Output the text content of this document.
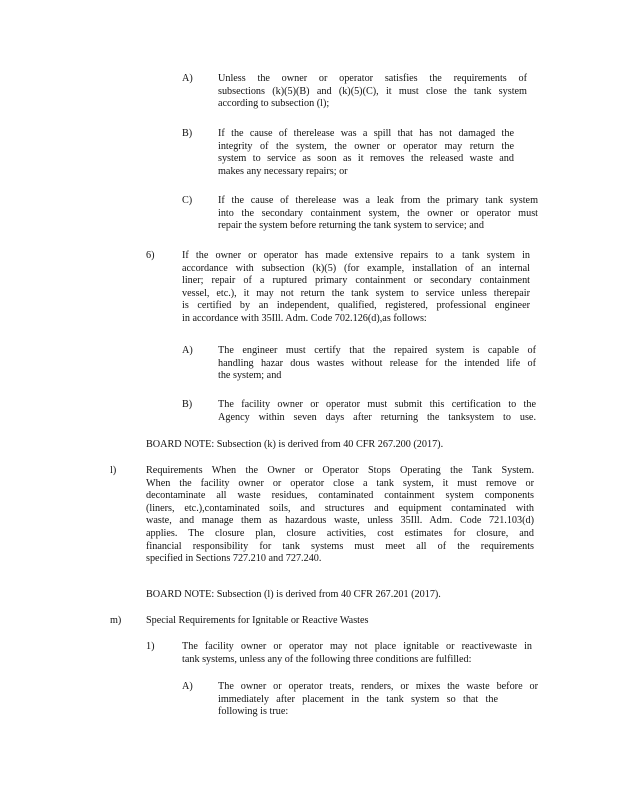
A) Unless the owner or operator satisfies the requirements of
subsections (k)(5)(B) and (k)(5)(C), it must close the tank system
according to subsection (l);
B)	If the cause of therelease was a spill that has not damaged the
integrity of the system, the owner or operator may return the
system to service as soon as it removes the released waste and
makes any necessary repairs; or
C)	If the cause of therelease was a leak from the primary tank system
into the secondary containment system, the owner or operator must
repair the system before returning the tank system to service; and
6)	If the owner or operator has made extensive repairs to a tank system in
accordance with subsection (k)(5) (for example, installation of an internal
liner; repair of a ruptured primary containment or secondary containment
vessel, etc.), it may not return the tank system to service unless therepair
is certified by an independent, qualified, registered, professional engineer
in accordance with 35Ill. Adm. Code 702.126(d),as follows:
A) The engineer must certify that the repaired system is capable of
handling hazar dous wastes without release for the intended life of
the system; and
B)	The facility owner or operator must submit this certification to the
Agency within seven days after returning the tanksystem to use.
BOARD NOTE: Subsection (k) is derived from 40 CFR 267.200 (2017).
l)	Requirements When the Owner or Operator Stops Operating the Tank System.
When the facility owner or operator close a tank system, it must remove or
decontaminate all waste residues, contaminated containment system components
(liners, etc.),contaminated soils, and structures and equipment contaminated with
waste, and manage them as hazardous waste, unless 35Ill. Adm. Code 721.103(d)
applies. The closure plan, closure activities, cost estimates for closure, and
financial responsibility for tank systems must meet all of the requirements
specified in Sections 727.210 and 727.240.
BOARD NOTE: Subsection (l) is derived from 40 CFR 267.201 (2017).
m) Special Requirements for Ignitable or Reactive Wastes
1)	The facility owner or operator may not place ignitable or reactivewaste in
tank systems, unless any of the following three conditions are fulfilled:
A) The owner or operator treats, renders, or mixes the waste before or
immediately after placement in the tank system so that the
following is true:
